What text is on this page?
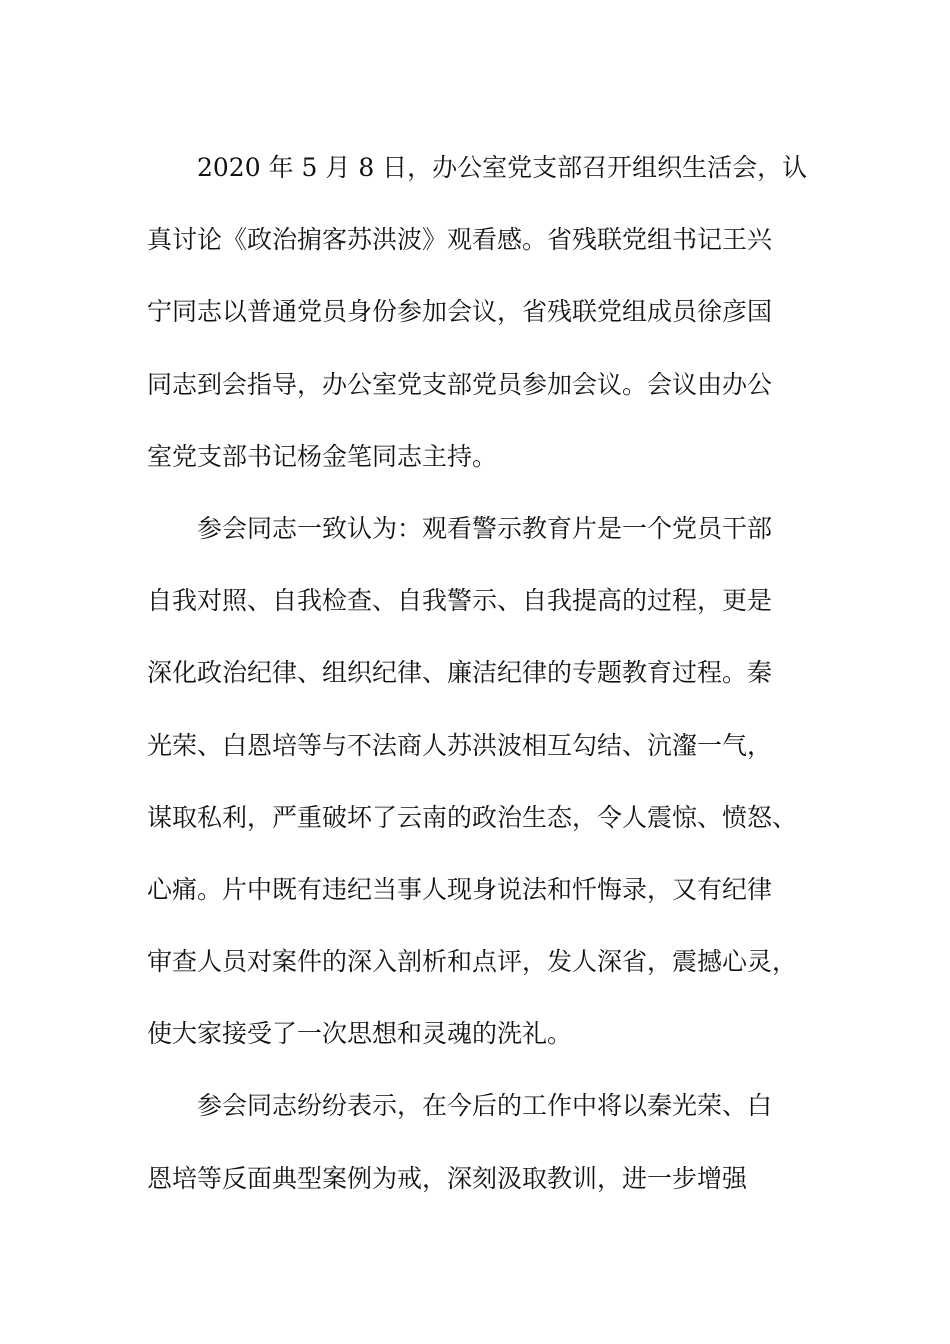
2020 年 5 月 8 日，办公室党支部召开组织生活会，认
真讨论《政治掮客苏洪波》观看感。省残联党组书记王兴
宁同志以普通党员身份参加会议，省残联党组成员徐彦国
同志到会指导，办公室党支部党员参加会议。会议由办公
室党支部书记杨金笔同志主持。
参会同志一致认为：观看警示教育片是一个党员干部
自我对照、自我检查、自我警示、自我提高的过程，更是
深化政治纪律、组织纪律、廉洁纪律的专题教育过程。秦
光荣、白恩培等与不法商人苏洪波相互勾结、沆瀣一气，
谋取私利，严重破坏了云南的政治生态，令人震惊、愤怒、
心痛。片中既有违纪当事人现身说法和忏悔录，又有纪律
审查人员对案件的深入剖析和点评，发人深省，震撼心灵，
使大家接受了一次思想和灵魂的洗礼。
参会同志纷纷表示，在今后的工作中将以秦光荣、白
恩培等反面典型案例为戒，深刻汲取教训，进一步增强
